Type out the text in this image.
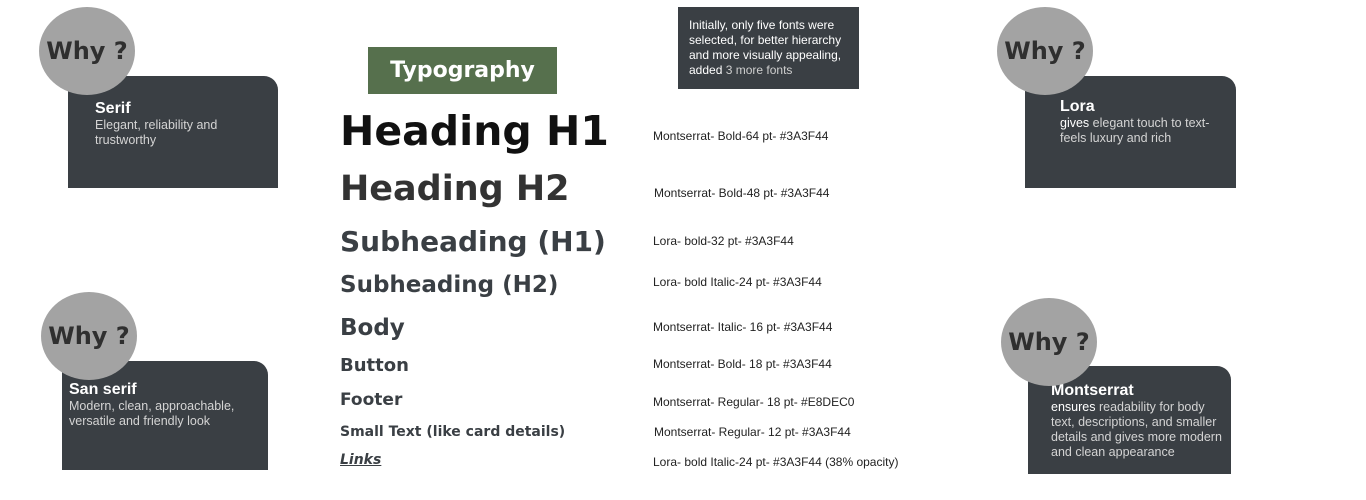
Serif

Elegant, reliability and trustworthy

Why ?

San serif

Modern, clean, approachable, versatile and friendly look

Why ?

Lora

gives elegant touch to text- feels luxury and rich

Why ?

Montserrat

ensures readability for body text, descriptions, and smaller details and gives more modern and clean appearance

Why ?
Typography
Initially, only five fonts were selected, for better hierarchy and more visually appealing, added 3 more fonts
Heading H1	Montserrat- Bold-64 pt- #3A3F44
Heading H2	Montserrat- Bold-48 pt- #3A3F44
Subheading (H1)	Lora- bold-32 pt- #3A3F44
Subheading (H2)	Lora- bold Italic-24 pt- #3A3F44
Body	Montserrat- Italic- 16 pt- #3A3F44
Button	Montserrat- Bold- 18 pt- #3A3F44
Footer	Montserrat- Regular- 18 pt- #E8DEC0
Small Text (like card details)	Montserrat- Regular- 12 pt- #3A3F44
Links	Lora- bold Italic-24 pt- #3A3F44 (38% opacity)
